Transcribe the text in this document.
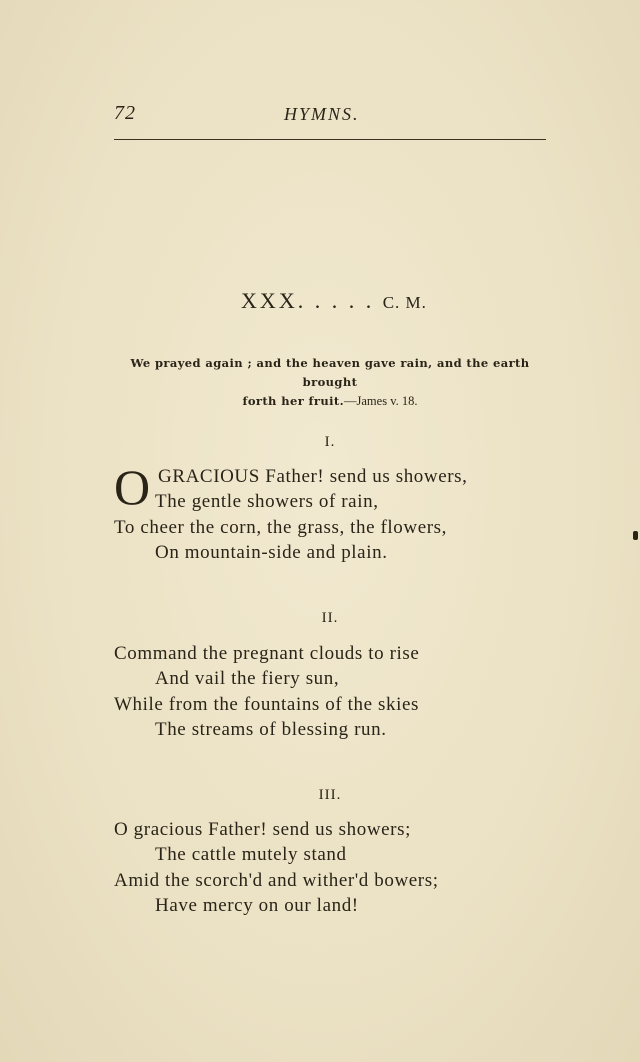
72	HYMNS.
XXX. . . . . C. M.
We prayed again ; and the heaven gave rain, and the earth brought
forth her fruit.—James v. 18.
I.
O GRACIOUS Father! send us showers,
The gentle showers of rain,
To cheer the corn, the grass, the flowers,
On mountain-side and plain.
II.
Command the pregnant clouds to rise
And vail the fiery sun,
While from the fountains of the skies
The streams of blessing run.
III.
O gracious Father! send us showers;
The cattle mutely stand
Amid the scorch'd and wither'd bowers;
Have mercy on our land!
